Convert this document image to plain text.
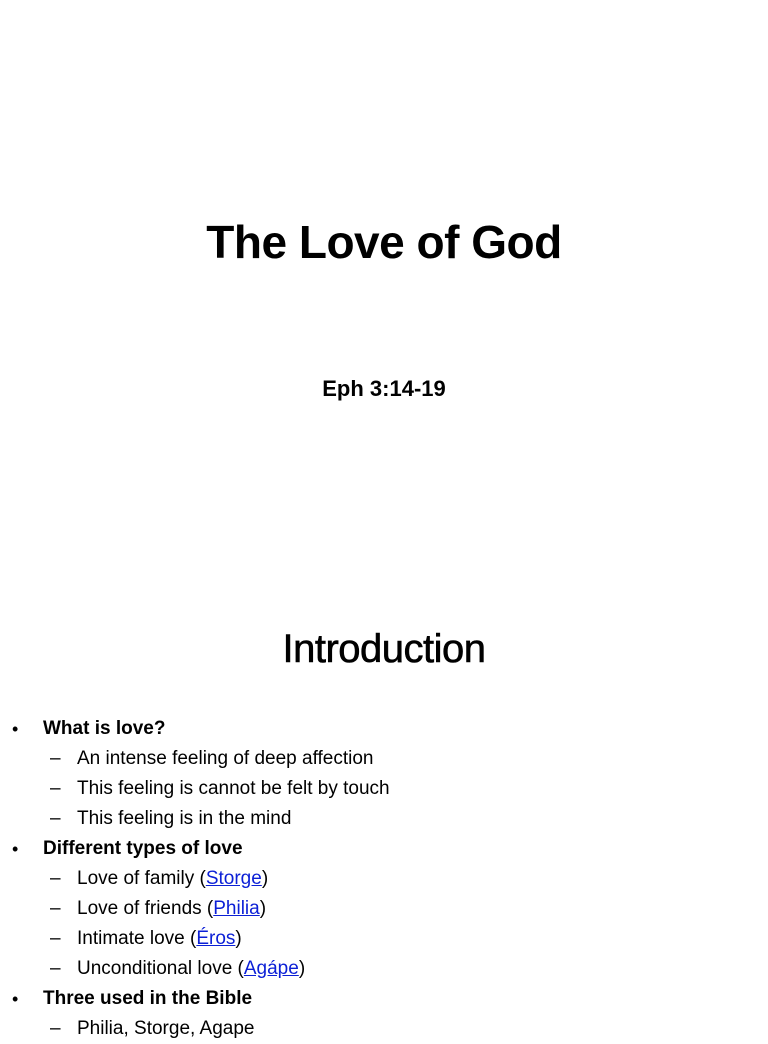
The Love of God
Eph 3:14-19
Introduction
• What is love?
– An intense feeling of deep affection
– This feeling is cannot be felt by touch
– This feeling is in the mind
• Different types of love
– Love of family (Storge)
– Love of friends (Philia)
– Intimate love (Éros)
– Unconditional love (Agápe)
• Three used in the Bible
– Philia, Storge, Agape
